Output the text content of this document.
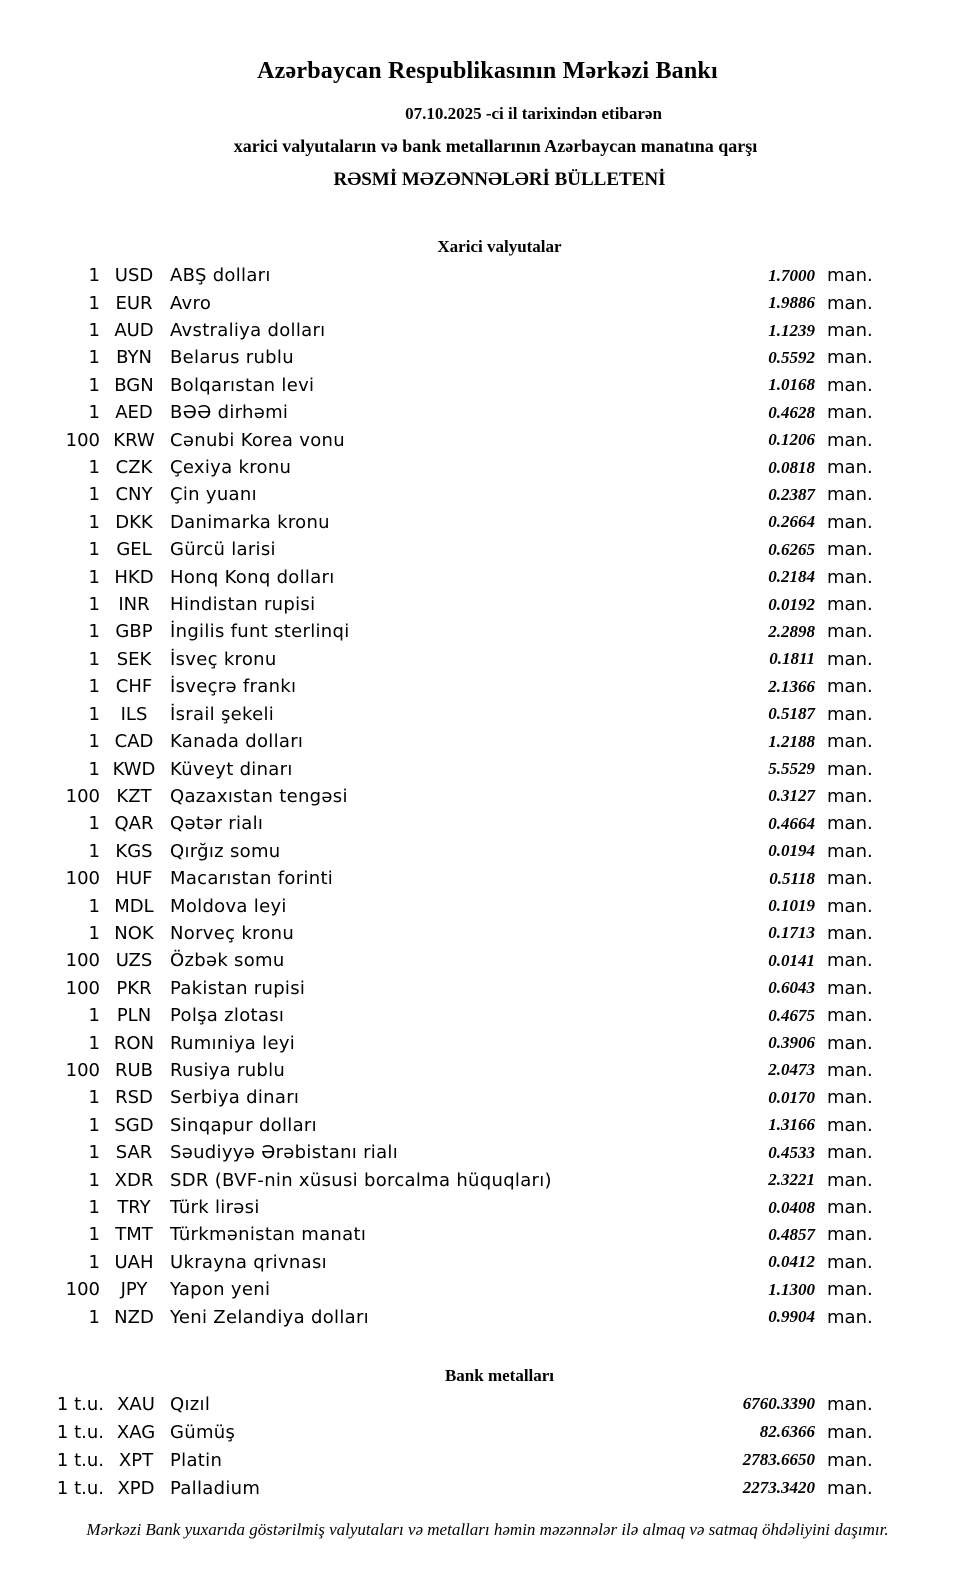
Azərbaycan Respublikasının Mərkəzi Bankı
07.10.2025 -ci il tarixindən etibarən
xarici valyutaların və bank metallarının Azərbaycan manatına qarşı
RƏSMİ MƏZƏNNƏLƏRİ BÜLLETENİ
Xarici valyutalar
1 USD ABŞ dolları	1.7000 man.
1 EUR Avro	1.9886 man.
1 AUD Avstraliya dolları	1.1239 man.
1 BYN	Belarus rublu	0.5592 man.
1 BGN Bolqarıstan levi	1.0168 man.
1 AED BƏƏ dirhəmi	0.4628 man.
100 KRW Cənubi Korea vonu	0.1206 man.
1 CZK Çexiya kronu	0.0818 man.
1 CNY Çin yuanı	0.2387 man.
1 DKK Danimarka kronu	0.2664 man.
1 GEL	Gürcü larisi	0.6265 man.
1 HKD Honq Konq dolları	0.2184 man.
1	INR	Hindistan rupisi	0.0192 man.
1 GBP İngilis funt sterlinqi	2.2898 man.
1 SEK	İsveç kronu	0.1811 man.
1 CHF İsveçrə frankı	2.1366 man.
1	ILS	İsrail şekeli	0.5187 man.
1 CAD Kanada dolları	1.2188 man.
1 KWD Küveyt dinarı	5.5529 man.
100 KZT	Qazaxıstan tengəsi	0.3127 man.
1 QAR Qətər rialı	0.4664 man.
1 KGS Qırğız somu	0.0194 man.
100 HUF Macarıstan forinti	0.5118 man.
1 MDL Moldova leyi	0.1019 man.
1 NOK Norveç kronu	0.1713 man.
100 UZS Özbək somu	0.0141 man.
100 PKR	Pakistan rupisi	0.6043 man.
1 PLN	Polşa zlotası	0.4675 man.
1 RON Rumıniya leyi	0.3906 man.
100 RUB Rusiya rublu	2.0473 man.
1 RSD Serbiya dinarı	0.0170 man.
1 SGD Sinqapur dolları	1.3166 man.
1 SAR Səudiyyə Ərəbistanı rialı	0.4533 man.
1 XDR SDR (BVF-nin xüsusi borcalma hüquqları)	2.3221 man.
1 TRY	Türk lirəsi	0.0408 man.
1 TMT Türkmənistan manatı	0.4857 man.
1 UAH Ukrayna qrivnası	0.0412 man.
100	JPY	Yapon yeni	1.1300 man.
1 NZD Yeni Zelandiya dolları	0.9904 man.
Bank metalları
1 t.u. XAU Qızıl	6760.3390 man.
1 t.u. XAG Gümüş	82.6366 man.
1 t.u. XPT Platin	2783.6650 man.
1 t.u. XPD Palladium	2273.3420 man.
Mərkəzi Bank yuxarıda göstərilmiş valyutaları və metalları həmin məzənnələr ilə almaq və satmaq öhdəliyini daşımır.
